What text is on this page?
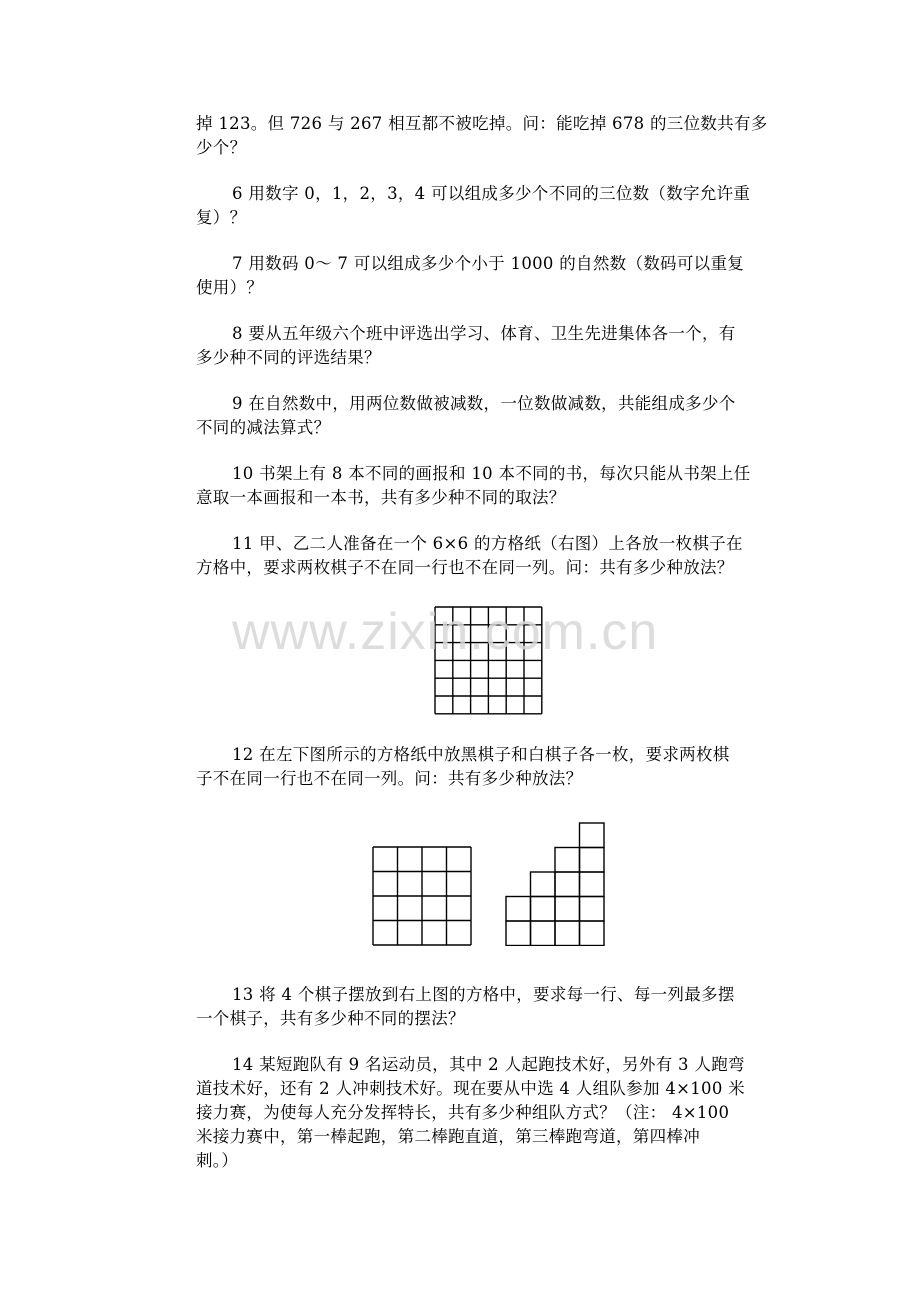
掉 123。但 726 与 267 相互都不被吃掉。问：能吃掉 678 的三位数共有多
少个？
6 用数字 0，1，2，3，4 可以组成多少个不同的三位数（数字允许重
复）？
7 用数码 0～ 7 可以组成多少个小于 1000 的自然数（数码可以重复
使用）？
8 要从五年级六个班中评选出学习、体育、卫生先进集体各一个，有
多少种不同的评选结果？
9 在自然数中，用两位数做被减数，一位数做减数，共能组成多少个
不同的减法算式？
10 书架上有 8 本不同的画报和 10 本不同的书，每次只能从书架上任
意取一本画报和一本书，共有多少种不同的取法？
11 甲、乙二人准备在一个 6×6 的方格纸（右图）上各放一枚棋子在
方格中，要求两枚棋子不在同一行也不在同一列。问：共有多少种放法？
www.zixin.com.cn
12 在左下图所示的方格纸中放黑棋子和白棋子各一枚，要求两枚棋
子不在同一行也不在同一列。问：共有多少种放法？
13 将 4 个棋子摆放到右上图的方格中，要求每一行、每一列最多摆
一个棋子，共有多少种不同的摆法？
14 某短跑队有 9 名运动员，其中 2 人起跑技术好，另外有 3 人跑弯
道技术好，还有 2 人冲刺技术好。现在要从中选 4 人组队参加 4×100 米
接力赛，为使每人充分发挥特长，共有多少种组队方式？（注： 4×100
米接力赛中，第一棒起跑，第二棒跑直道，第三棒跑弯道，第四棒冲
刺。）
